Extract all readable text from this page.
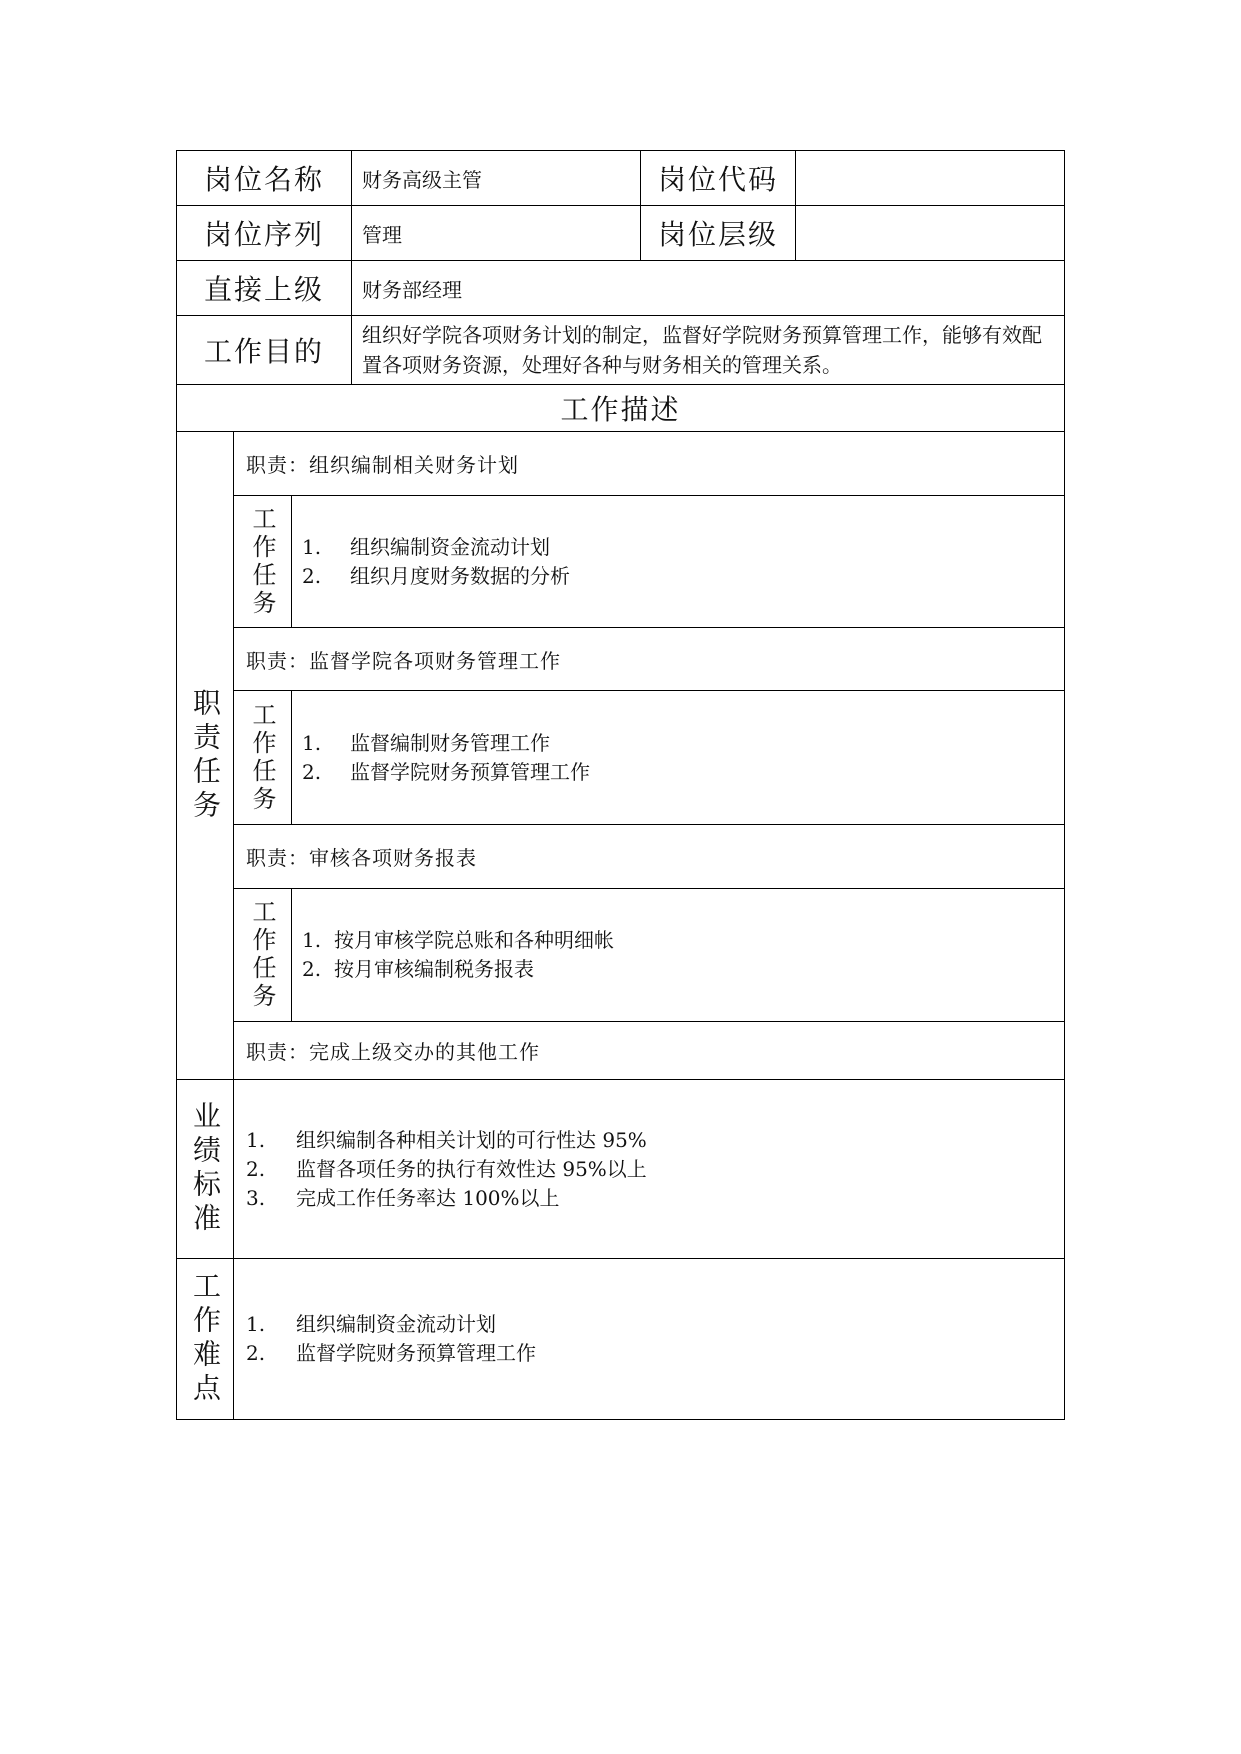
岗位名称	财务高级主管	岗位代码
岗位序列	管理	岗位层级
直接上级	财务部经理
工作目的	组织好学院各项财务计划的制定，监督好学院财务预算管理工作，能够有效配置各项财务资源，处理好各种与财务相关的管理关系。
工作描述
职责任务
职责：组织编制相关财务计划
工作任务	1.	组织编制资金流动计划
2.	组织月度财务数据的分析
职责：监督学院各项财务管理工作
工作任务	1.	监督编制财务管理工作
2.	监督学院财务预算管理工作
职责：审核各项财务报表
工作任务	1. 按月审核学院总账和各种明细帐
2. 按月审核编制税务报表
职责：完成上级交办的其他工作
业绩标准	1.	组织编制各种相关计划的可行性达 95%
2.	监督各项任务的执行有效性达 95%以上
3.	完成工作任务率达 100%以上
工作难点	1.	组织编制资金流动计划
2.	监督学院财务预算管理工作
